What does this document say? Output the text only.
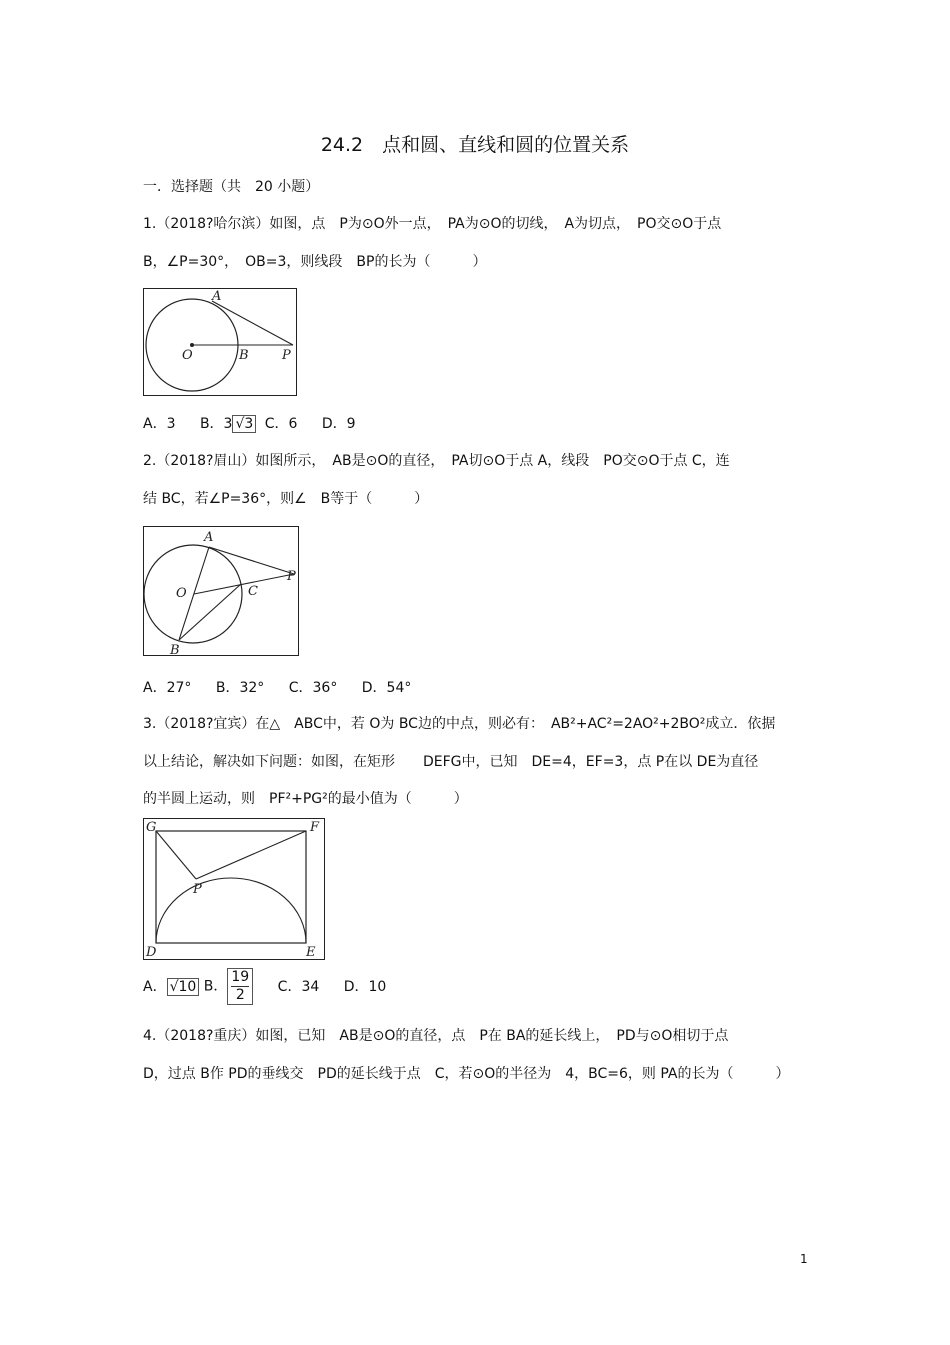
24.2　点和圆、直线和圆的位置关系
一．选择题（共　20 小题）
1.（2018?哈尔滨）如图，点　P为⊙O外一点，　PA为⊙O的切线，　A为切点，　PO交⊙O于点
B，∠P=30°，　OB=3，则线段　BP的长为（　　　）
A
O	B	P
A．3 B．3 √3 C．6 D．9
2.（2018?眉山）如图所示，　AB是⊙O的直径，　PA切⊙O于点 A，线段　PO交⊙O于点 C，连
结 BC，若∠P=36°，则∠　B等于（　　　）
A
O	C
P
B
A．27° B．32° C．36° D．54°
3.（2018?宜宾）在△　ABC中，若 O为 BC边的中点，则必有：　AB²+AC²=2AO²+2BO²成立．依据
以上结论，解决如下问题：如图，在矩形　　DEFG中，已知　DE=4，EF=3，点 P在以 DE为直径
的半圆上运动，则　PF²+PG²的最小值为（　　　）
G	F
P
D	E
A． √10 B． $\frac{19}{2}$ C．34 D．10
4.（2018?重庆）如图，已知　AB是⊙O的直径，点　P在 BA的延长线上，　PD与⊙O相切于点
D，过点 B作 PD的垂线交　PD的延长线于点　C，若⊙O的半径为　4，BC=6，则 PA的长为（　　　）
1
